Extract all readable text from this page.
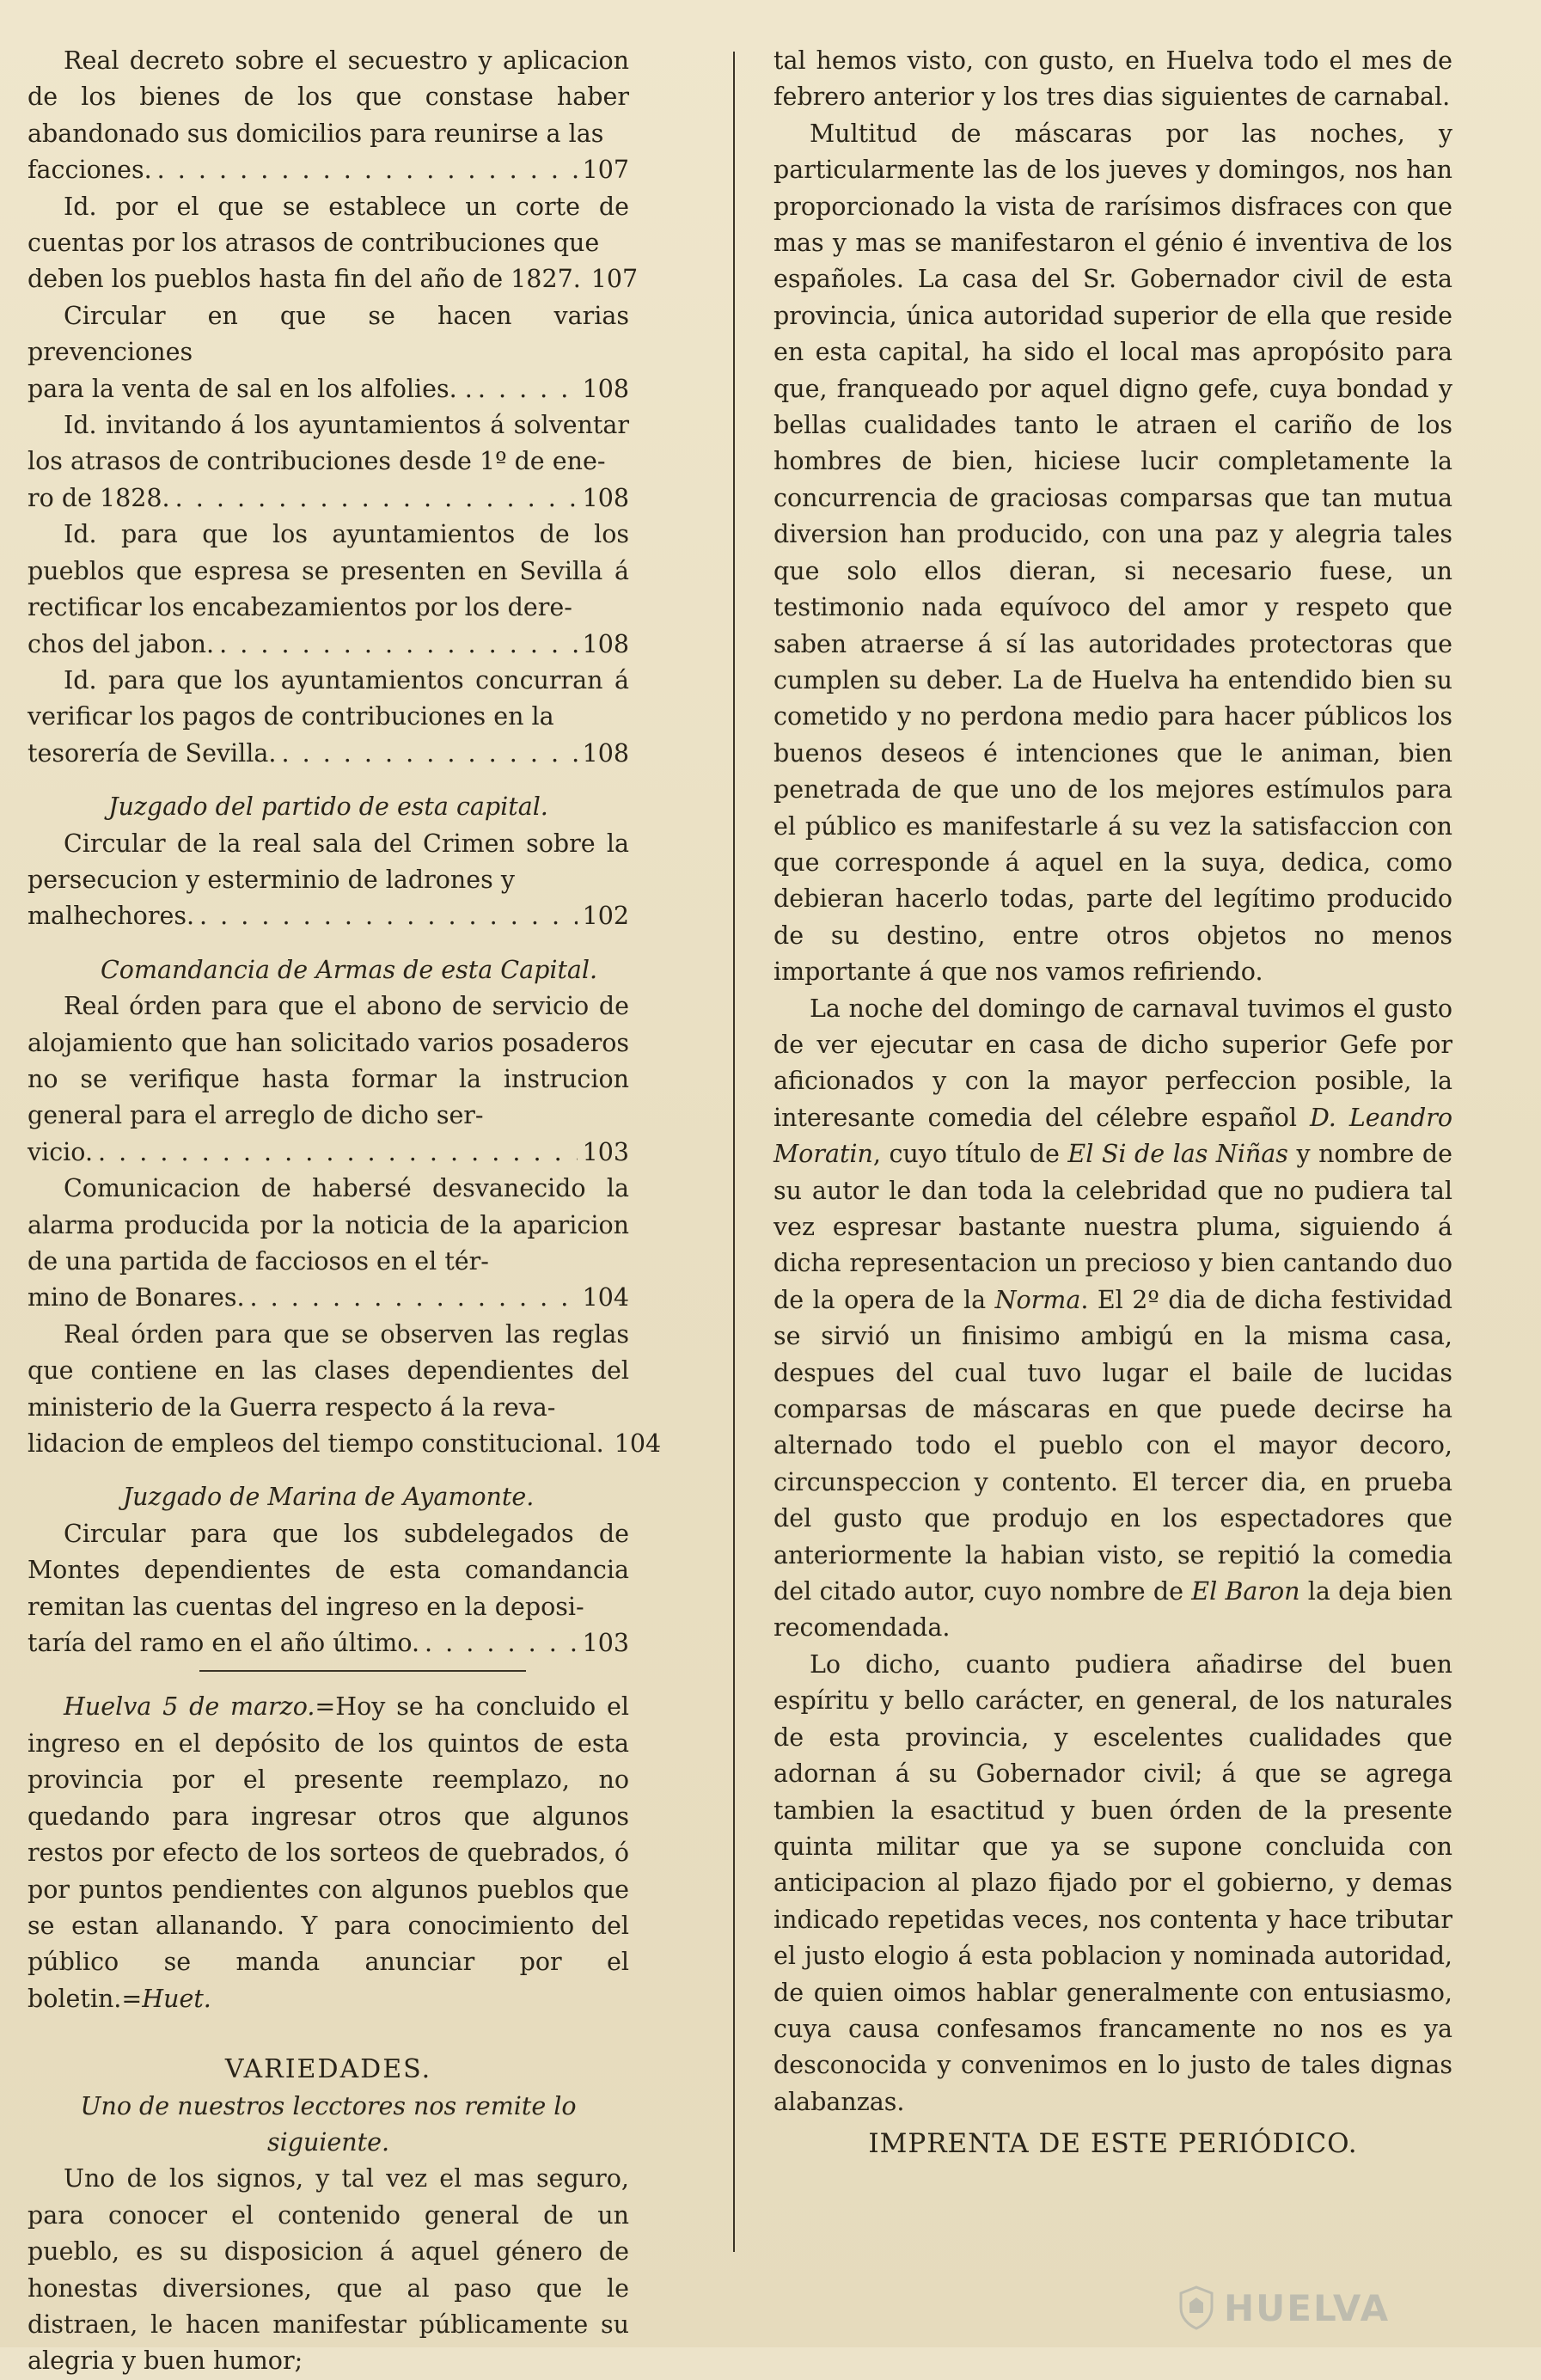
Real decreto sobre el secuestro y aplicacion de los bienes de los que constase haber abandonado sus domicilios para reunirse a las
facciones. . . .	107
Id. por el que se establece un corte de cuentas por los atrasos de contribuciones que
deben los pueblos hasta fin del año de 1827. 107
Circular en que se hacen varias prevenciones
para la venta de sal en los alfolies. . . . .	108
Id. invitando á los ayuntamientos á solventar los atrasos de contribuciones desde 1º de ene-
ro de 1828. . . .	108
Id. para que los ayuntamientos de los pueblos que espresa se presenten en Sevilla á rectificar los encabezamientos por los dere-
chos del jabon. . . .	108
Id. para que los ayuntamientos concurran á verificar los pagos de contribuciones en la
tesorería de Sevilla. . . .	108
Juzgado del partido de esta capital.
Circular de la real sala del Crimen sobre la persecucion y esterminio de ladrones y
malhechores. . . .	102
Comandancia de Armas de esta Capital.
Real órden para que el abono de servicio de alojamiento que han solicitado varios posaderos no se verifique hasta formar la instrucion general para el arreglo de dicho ser-
vicio. . . .	103
Comunicacion de habersé desvanecido la alarma producida por la noticia de la aparicion de una partida de facciosos en el tér-
mino de Bonares. . . .	104
Real órden para que se observen las reglas que contiene en las clases dependientes del ministerio de la Guerra respecto á la reva-
lidacion de empleos del tiempo constitucional. 104
Juzgado de Marina de Ayamonte.
Circular para que los subdelegados de Montes dependientes de esta comandancia remitan las cuentas del ingreso en la deposi-
taría del ramo en el año último. . . .	103
Huelva 5 de marzo.=Hoy se ha concluido el ingreso en el depósito de los quintos de esta provincia por el presente reemplazo, no quedando para ingresar otros que algunos restos por efecto de los sorteos de quebrados, ó por puntos pendientes con algunos pueblos que se estan allanando. Y para conocimiento del público se manda anunciar por el boletin.=Huet.
VARIEDADES.
Uno de nuestros lecctores nos remite lo siguiente.
Uno de los signos, y tal vez el mas seguro, para conocer el contenido general de un pueblo, es su disposicion á aquel género de honestas diversiones, que al paso que le distraen, le hacen manifestar públicamente su alegria y buen humor;
tal hemos visto, con gusto, en Huelva todo el mes de febrero anterior y los tres dias siguientes de carnabal.
Multitud de máscaras por las noches, y particularmente las de los jueves y domingos, nos han proporcionado la vista de rarísimos disfraces con que mas y mas se manifestaron el génio é inventiva de los españoles. La casa del Sr. Gobernador civil de esta provincia, única autoridad superior de ella que reside en esta capital, ha sido el local mas apropósito para que, franqueado por aquel digno gefe, cuya bondad y bellas cualidades tanto le atraen el cariño de los hombres de bien, hiciese lucir completamente la concurrencia de graciosas comparsas que tan mutua diversion han producido, con una paz y alegria tales que solo ellos dieran, si necesario fuese, un testimonio nada equívoco del amor y respeto que saben atraerse á sí las autoridades protectoras que cumplen su deber. La de Huelva ha entendido bien su cometido y no perdona medio para hacer públicos los buenos deseos é intenciones que le animan, bien penetrada de que uno de los mejores estímulos para el público es manifestarle á su vez la satisfaccion con que corresponde á aquel en la suya, dedica, como debieran hacerlo todas, parte del legítimo producido de su destino, entre otros objetos no menos importante á que nos vamos refiriendo.
La noche del domingo de carnaval tuvimos el gusto de ver ejecutar en casa de dicho superior Gefe por aficionados y con la mayor perfeccion posible, la interesante comedia del célebre español D. Leandro Moratin, cuyo título de El Si de las Niñas y nombre de su autor le dan toda la celebridad que no pudiera tal vez espresar bastante nuestra pluma, siguiendo á dicha representacion un precioso y bien cantando duo de la opera de la Norma. El 2º dia de dicha festividad se sirvió un finisimo ambigú en la misma casa, despues del cual tuvo lugar el baile de lucidas comparsas de máscaras en que puede decirse ha alternado todo el pueblo con el mayor decoro, circunspeccion y contento. El tercer dia, en prueba del gusto que produjo en los espectadores que anteriormente la habian visto, se repitió la comedia del citado autor, cuyo nombre de El Baron la deja bien recomendada.
Lo dicho, cuanto pudiera añadirse del buen espíritu y bello carácter, en general, de los naturales de esta provincia, y escelentes cualidades que adornan á su Gobernador civil; á que se agrega tambien la esactitud y buen órden de la presente quinta militar que ya se supone concluida con anticipacion al plazo fijado por el gobierno, y demas indicado repetidas veces, nos contenta y hace tributar el justo elogio á esta poblacion y nominada autoridad, de quien oimos hablar generalmente con entusiasmo, cuya causa confesamos francamente no nos es ya desconocida y convenimos en lo justo de tales dignas alabanzas.
IMPRENTA DE ESTE PERIÓDICO.
HUELVA
